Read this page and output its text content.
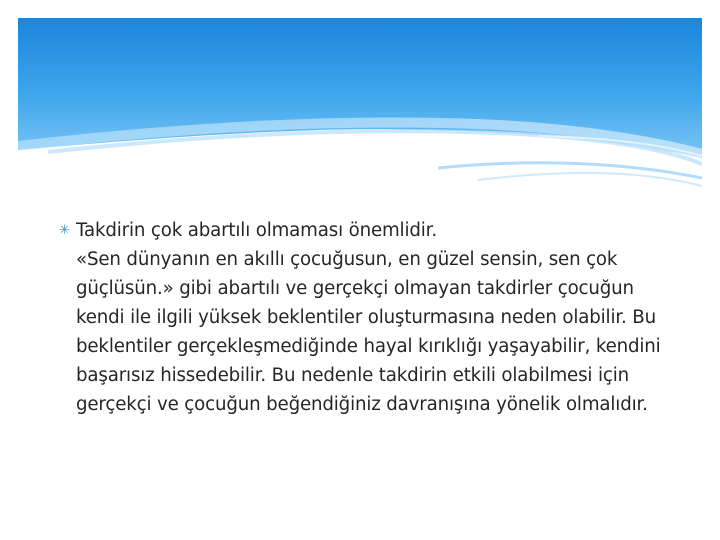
✳ Takdirin çok abartılı olmaması önemlidir.
«Sen dünyanın en akıllı çocuğusun, en güzel sensin, sen çok güçlüsün.» gibi abartılı ve gerçekçi olmayan takdirler çocuğun kendi ile ilgili yüksek beklentiler oluşturmasına neden olabilir. Bu beklentiler gerçekleşmediğinde hayal kırıklığı yaşayabilir, kendini başarısız hissedebilir. Bu nedenle takdirin etkili olabilmesi için gerçekçi ve çocuğun beğendiğiniz davranışına yönelik olmalıdır.
